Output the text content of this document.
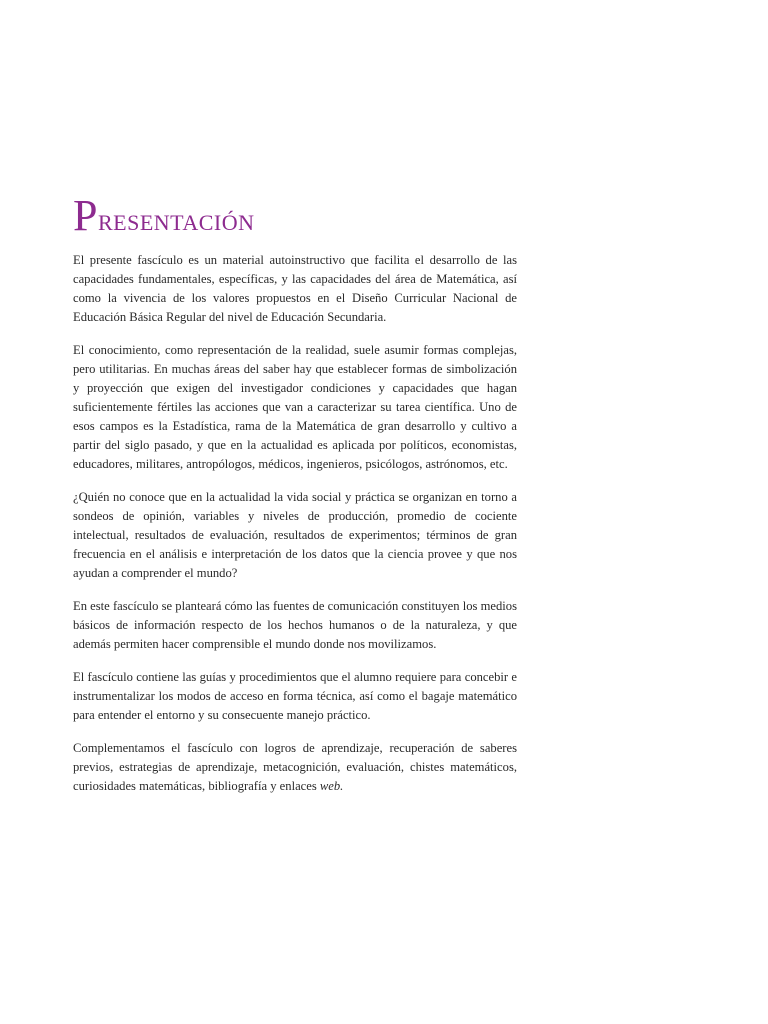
Presentación

El presente fascículo es un material autoinstructivo que facilita el desarrollo de las capacidades fundamentales, específicas, y las capacidades del área de Matemática, así como la vivencia de los valores propuestos en el Diseño Curricular Nacional de Educación Básica Regular del nivel de Educación Secundaria.

El conocimiento, como representación de la realidad, suele asumir formas complejas, pero utilitarias. En muchas áreas del saber hay que establecer formas de simbolización y proyección que exigen del investigador condiciones y capacidades que hagan suficientemente fértiles las acciones que van a caracterizar su tarea científica. Uno de esos campos es la Estadística, rama de la Matemática de gran desarrollo y cultivo a partir del siglo pasado, y que en la actualidad es aplicada por políticos, economistas, educadores, militares, antropólogos, médicos, ingenieros, psicólogos, astrónomos, etc.

¿Quién no conoce que en la actualidad la vida social y práctica se organizan en torno a sondeos de opinión, variables y niveles de producción, promedio de cociente intelectual, resultados de evaluación, resultados de experimentos; términos de gran frecuencia en el análisis e interpretación de los datos que la ciencia provee y que nos ayudan a comprender el mundo?

En este fascículo se planteará cómo las fuentes de comunicación constituyen los medios básicos de información respecto de los hechos humanos o de la naturaleza, y que además permiten hacer comprensible el mundo donde nos movilizamos.

El fascículo contiene las guías y procedimientos que el alumno requiere para concebir e instrumentalizar los modos de acceso en forma técnica, así como el bagaje matemático para entender el entorno y su consecuente manejo práctico.

Complementamos el fascículo con logros de aprendizaje, recuperación de saberes previos, estrategias de aprendizaje, metacognición, evaluación, chistes matemáticos, curiosidades matemáticas, bibliografía y enlaces web.
